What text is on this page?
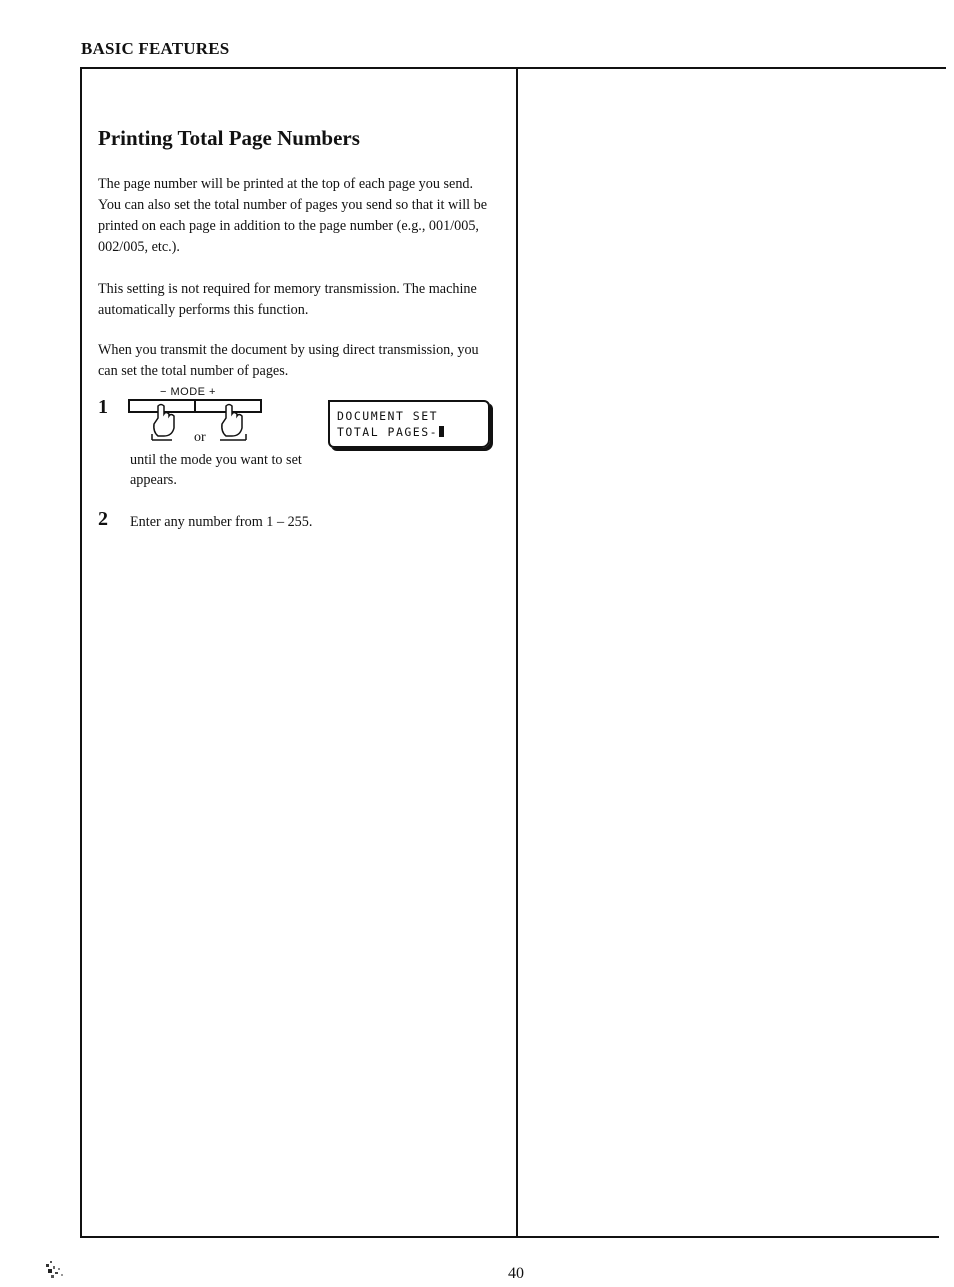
BASIC FEATURES
Printing Total Page Numbers

The page number will be printed at the top of each page you send. You can also set the total number of pages you send so that it will be printed on each page in addition to the page number (e.g., 001/005, 002/005, etc.).

This setting is not required for memory transmission. The machine automatically performs this function.

When you transmit the document by using direct transmission, you can set the total number of pages.

1
− MODE +
or

until the mode you want to set appears.

DOCUMENT SET
TOTAL PAGES-
2 Enter any number from 1 – 255.

40
